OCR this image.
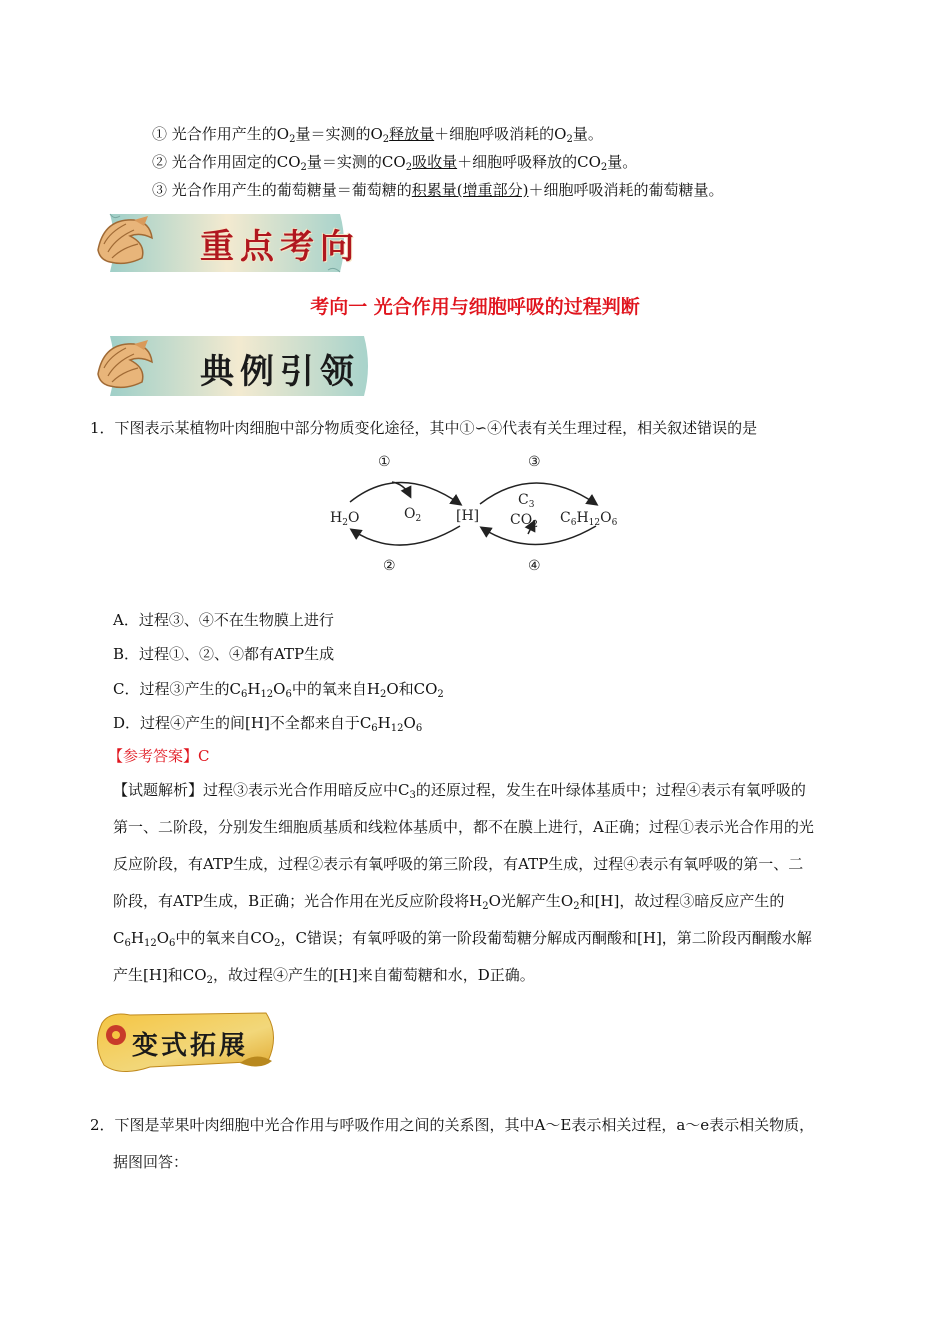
① 光合作用产生的$O_2$量＝实测的$O_2$释放量＋细胞呼吸消耗的$O_2$量。
② 光合作用固定的$CO_2$量＝实测的$CO_2$吸收量＋细胞呼吸释放的$CO_2$量。
③ 光合作用产生的葡萄糖量＝葡萄糖的积累量(增重部分)＋细胞呼吸消耗的葡萄糖量。
重点考向
考向一 光合作用与细胞呼吸的过程判断
典例引领
1．下图表示某植物叶肉细胞中部分物质变化途径，其中①∽④代表有关生理过程，相关叙述错误的是
①
②
③
④
$H_2O$	$O_2$ [H]
$C_3$
$CO_2$ $C_6H_{12}O_6$
A．过程③、④不在生物膜上进行
B．过程①、②、④都有ATP生成
C．过程③产生的$C_6H_{12}O_6$中的氧来自$H_2O$和$CO_2$
D．过程④产生的间[H]不全都来自于$C_6H_{12}O_6$
【参考答案】C
【试题解析】过程③表示光合作用暗反应中$C_3$的还原过程，发生在叶绿体基质中；过程④表示有氧呼吸的
第一、二阶段，分别发生细胞质基质和线粒体基质中，都不在膜上进行，A正确；过程①表示光合作用的光
反应阶段，有ATP生成，过程②表示有氧呼吸的第三阶段，有ATP生成，过程④表示有氧呼吸的第一、二
阶段，有ATP生成，B正确；光合作用在光反应阶段将$H_2O$光解产生$O_2$和[H]，故过程③暗反应产生的
$C_6H_{12}O_6$中的氧来自$CO_2$，C错误；有氧呼吸的第一阶段葡萄糖分解成丙酮酸和[H]，第二阶段丙酮酸水解
产生[H]和$CO_2$，故过程④产生的[H]来自葡萄糖和水，D正确。
变式拓展
2．下图是苹果叶肉细胞中光合作用与呼吸作用之间的关系图，其中A～E表示相关过程，a～e表示相关物质，
据图回答：
